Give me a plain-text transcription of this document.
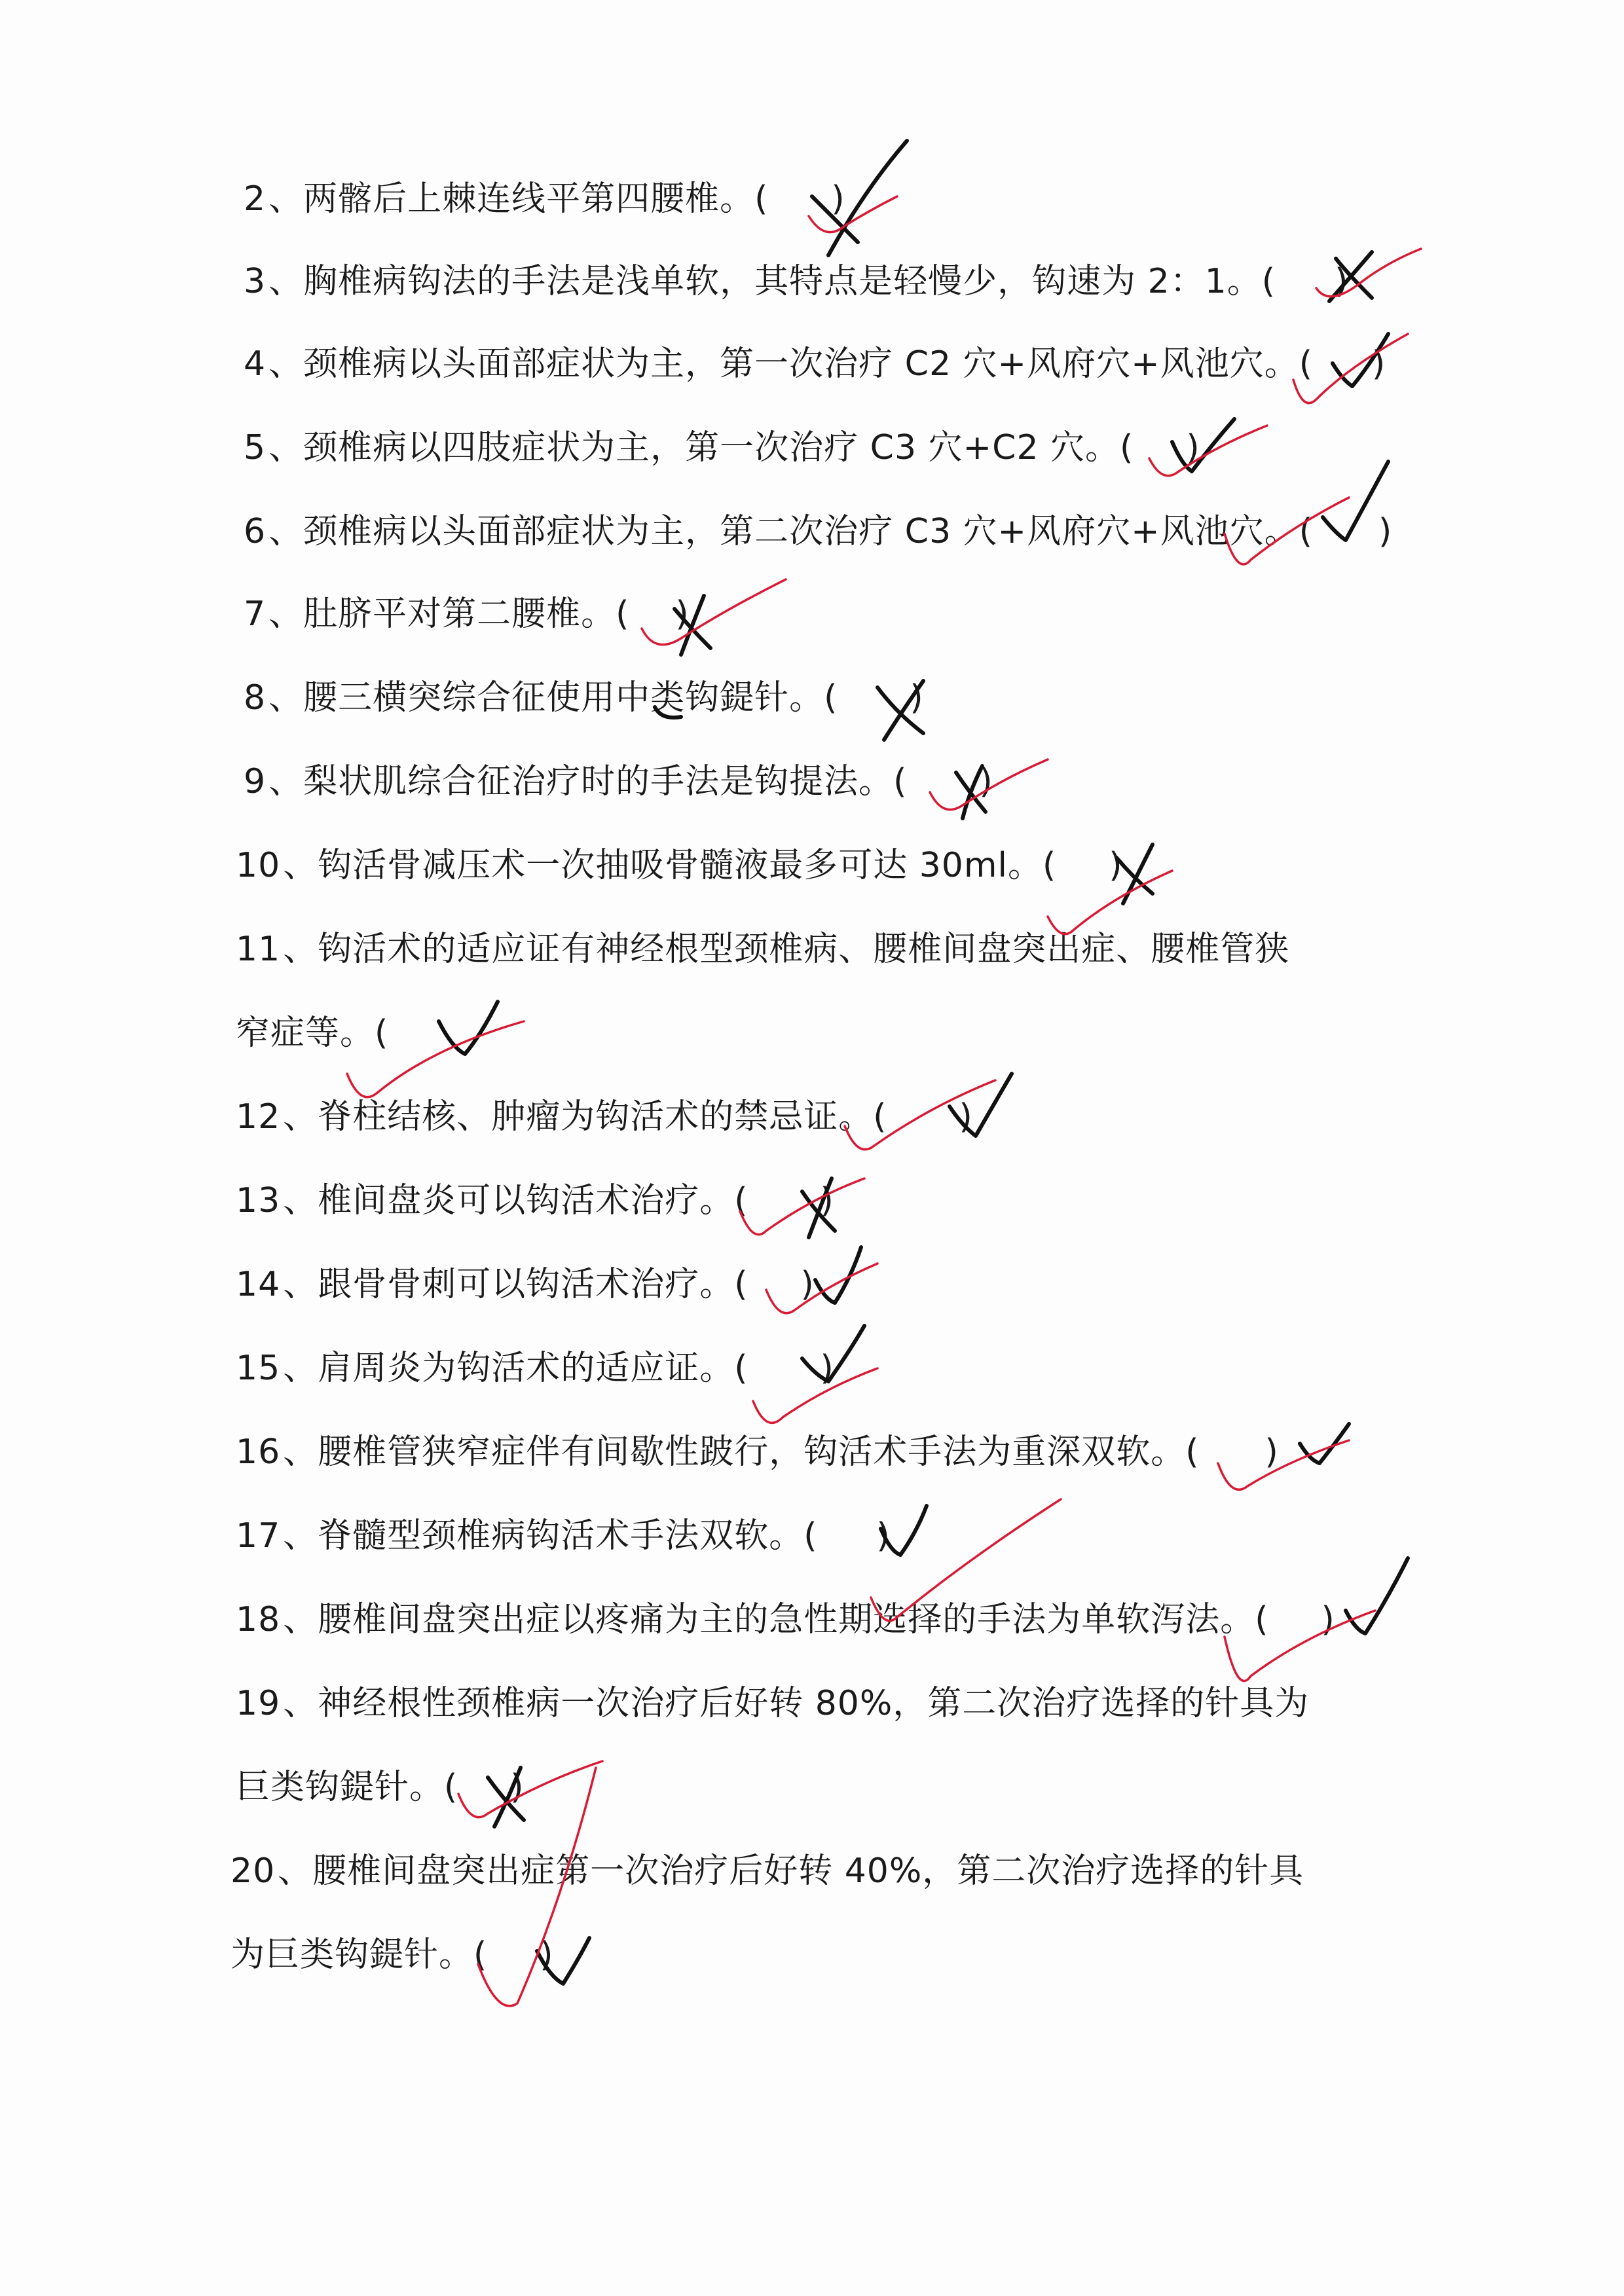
2、两髂后上棘连线平第四腰椎。( )
3、胸椎病钩法的手法是浅单软，其特点是轻慢少，钩速为 2：1。( )
4、颈椎病以头面部症状为主，第一次治疗 C2 穴+风府穴+风池穴。( )
5、颈椎病以四肢症状为主，第一次治疗 C3 穴+C2 穴。( )
6、颈椎病以头面部症状为主，第二次治疗 C3 穴+风府穴+风池穴。( )
7、肚脐平对第二腰椎。( )
8、腰三横突综合征使用中类钩鍉针。( )
9、梨状肌综合征治疗时的手法是钩提法。( )
10、钩活骨减压术一次抽吸骨髓液最多可达 30ml。( )
11、钩活术的适应证有神经根型颈椎病、腰椎间盘突出症、腰椎管狭
窄症等。(
12、脊柱结核、肿瘤为钩活术的禁忌证。( )
13、椎间盘炎可以钩活术治疗。( )
14、跟骨骨刺可以钩活术治疗。( )
15、肩周炎为钩活术的适应证。( )
16、腰椎管狭窄症伴有间歇性跛行，钩活术手法为重深双软。( )
17、脊髓型颈椎病钩活术手法双软。( )
18、腰椎间盘突出症以疼痛为主的急性期选择的手法为单软泻法。( )
19、神经根性颈椎病一次治疗后好转 80%，第二次治疗选择的针具为
巨类钩鍉针。( )
20、腰椎间盘突出症第一次治疗后好转 40%，第二次治疗选择的针具
为巨类钩鍉针。( )
